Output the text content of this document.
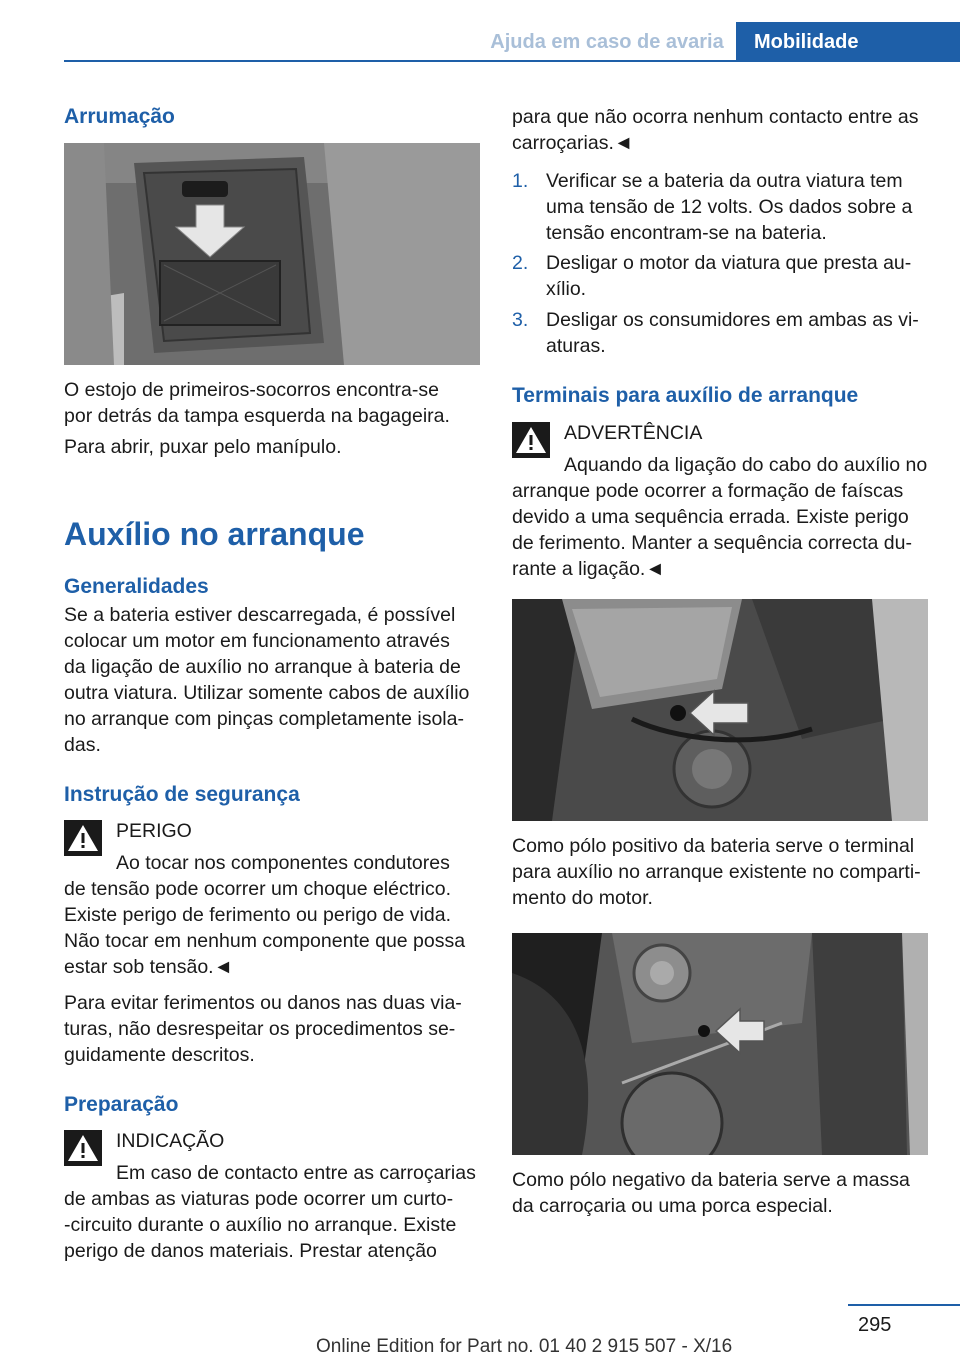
Ajuda em caso de avaria	Mobilidade
Arrumação
O estojo de primeiros-socorros encontra-se
por detrás da tampa esquerda na bagageira.
Para abrir, puxar pelo manípulo.
Auxílio no arranque
Generalidades
Se a bateria estiver descarregada, é possível
colocar um motor em funcionamento através
da ligação de auxílio no arranque à bateria de
outra viatura. Utilizar somente cabos de auxílio
no arranque com pinças completamente isola-
das.
Instrução de segurança
PERIGO
Ao tocar nos componentes condutores
de tensão pode ocorrer um choque eléctrico.
Existe perigo de ferimento ou perigo de vida.
Não tocar em nenhum componente que possa
estar sob tensão.◄
Para evitar ferimentos ou danos nas duas via-
turas, não desrespeitar os procedimentos se-
guidamente descritos.
Preparação
INDICAÇÃO
Em caso de contacto entre as carroçarias
de ambas as viaturas pode ocorrer um curto-
-circuito durante o auxílio no arranque. Existe
perigo de danos materiais. Prestar atenção
para que não ocorra nenhum contacto entre as
carroçarias.◄
1. Verificar se a bateria da outra viatura tem
uma tensão de 12 volts. Os dados sobre a
tensão encontram-se na bateria.
2. Desligar o motor da viatura que presta au-
xílio.
3. Desligar os consumidores em ambas as vi-
aturas.
Terminais para auxílio de arranque
ADVERTÊNCIA
Aquando da ligação do cabo do auxílio no
arranque pode ocorrer a formação de faíscas
devido a uma sequência errada. Existe perigo
de ferimento. Manter a sequência correcta du-
rante a ligação.◄
Como pólo positivo da bateria serve o terminal
para auxílio no arranque existente no comparti-
mento do motor.
Como pólo negativo da bateria serve a massa
da carroçaria ou uma porca especial.
295
Online Edition for Part no. 01 40 2 915 507 - X/16
